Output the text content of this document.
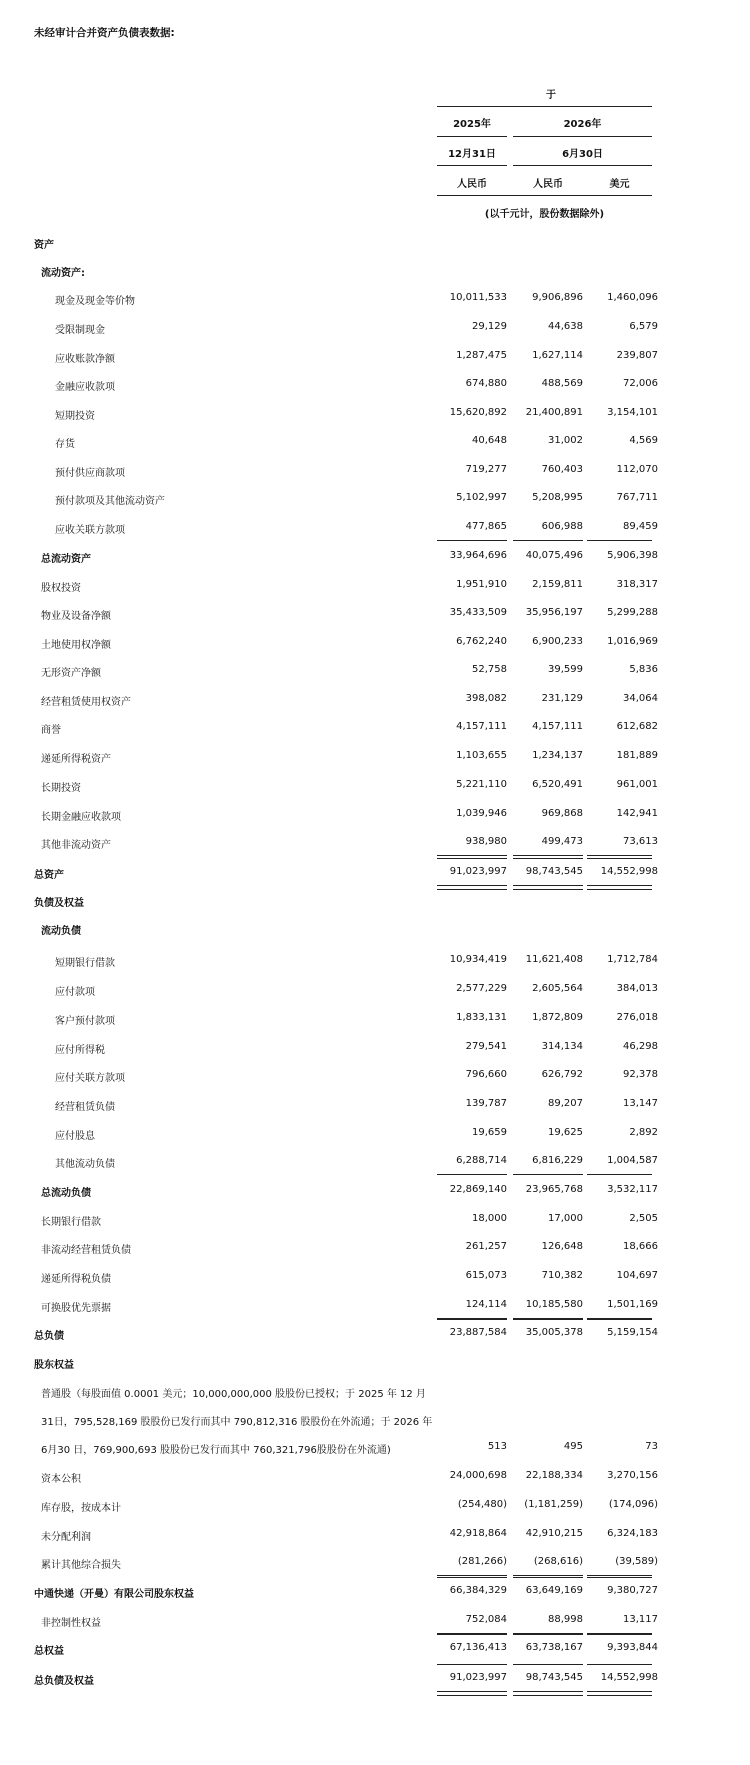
未经审计合并资产负债表数据:
于
2025年	2026年
12月31日	6月30日
人民币	人民币	美元
(以千元计，股份数据除外)
资产
流动资产:
现金及现金等价物	10,011,533	9,906,896	1,460,096
受限制现金	29,129	44,638	6,579
应收账款净额	1,287,475	1,627,114	239,807
金融应收款项	674,880	488,569	72,006
短期投资	15,620,892	21,400,891	3,154,101
存货	40,648	31,002	4,569
预付供应商款项	719,277	760,403	112,070
预付款项及其他流动资产	5,102,997	5,208,995	767,711
应收关联方款项	477,865	606,988	89,459
总流动资产	33,964,696	40,075,496	5,906,398
股权投资	1,951,910	2,159,811	318,317
物业及设备净额	35,433,509	35,956,197	5,299,288
土地使用权净额	6,762,240	6,900,233	1,016,969
无形资产净额	52,758	39,599	5,836
经营租赁使用权资产	398,082	231,129	34,064
商誉	4,157,111	4,157,111	612,682
递延所得税资产	1,103,655	1,234,137	181,889
长期投资	5,221,110	6,520,491	961,001
长期金融应收款项	1,039,946	969,868	142,941
其他非流动资产	938,980	499,473	73,613
总资产	91,023,997	98,743,545	14,552,998
负债及权益
流动负债
短期银行借款	10,934,419	11,621,408	1,712,784
应付款项	2,577,229	2,605,564	384,013
客户预付款项	1,833,131	1,872,809	276,018
应付所得税	279,541	314,134	46,298
应付关联方款项	796,660	626,792	92,378
经营租赁负债	139,787	89,207	13,147
应付股息	19,659	19,625	2,892
其他流动负债	6,288,714	6,816,229	1,004,587
总流动负债	22,869,140	23,965,768	3,532,117
长期银行借款	18,000	17,000	2,505
非流动经营租赁负债	261,257	126,648	18,666
递延所得税负债	615,073	710,382	104,697
可换股优先票据	124,114	10,185,580	1,501,169
总负债	23,887,584	35,005,378	5,159,154
股东权益
普通股（每股面值 0.0001 美元；10,000,000,000 股股份已授权；于 2025 年 12 月
31日，795,528,169 股股份已发行而其中 790,812,316 股股份在外流通；于 2026 年
6月30 日，769,900,693 股股份已发行而其中 760,321,796股股份在外流通)	513	495	73
资本公积	24,000,698	22,188,334	3,270,156
库存股，按成本计	(254,480)	(1,181,259)	(174,096)
未分配利润	42,918,864	42,910,215	6,324,183
累计其他综合损失	(281,266)	(268,616)	(39,589)
中通快递（开曼）有限公司股东权益	66,384,329	63,649,169	9,380,727
非控制性权益	752,084	88,998	13,117
总权益	67,136,413	63,738,167	9,393,844
总负债及权益	91,023,997	98,743,545	14,552,998
